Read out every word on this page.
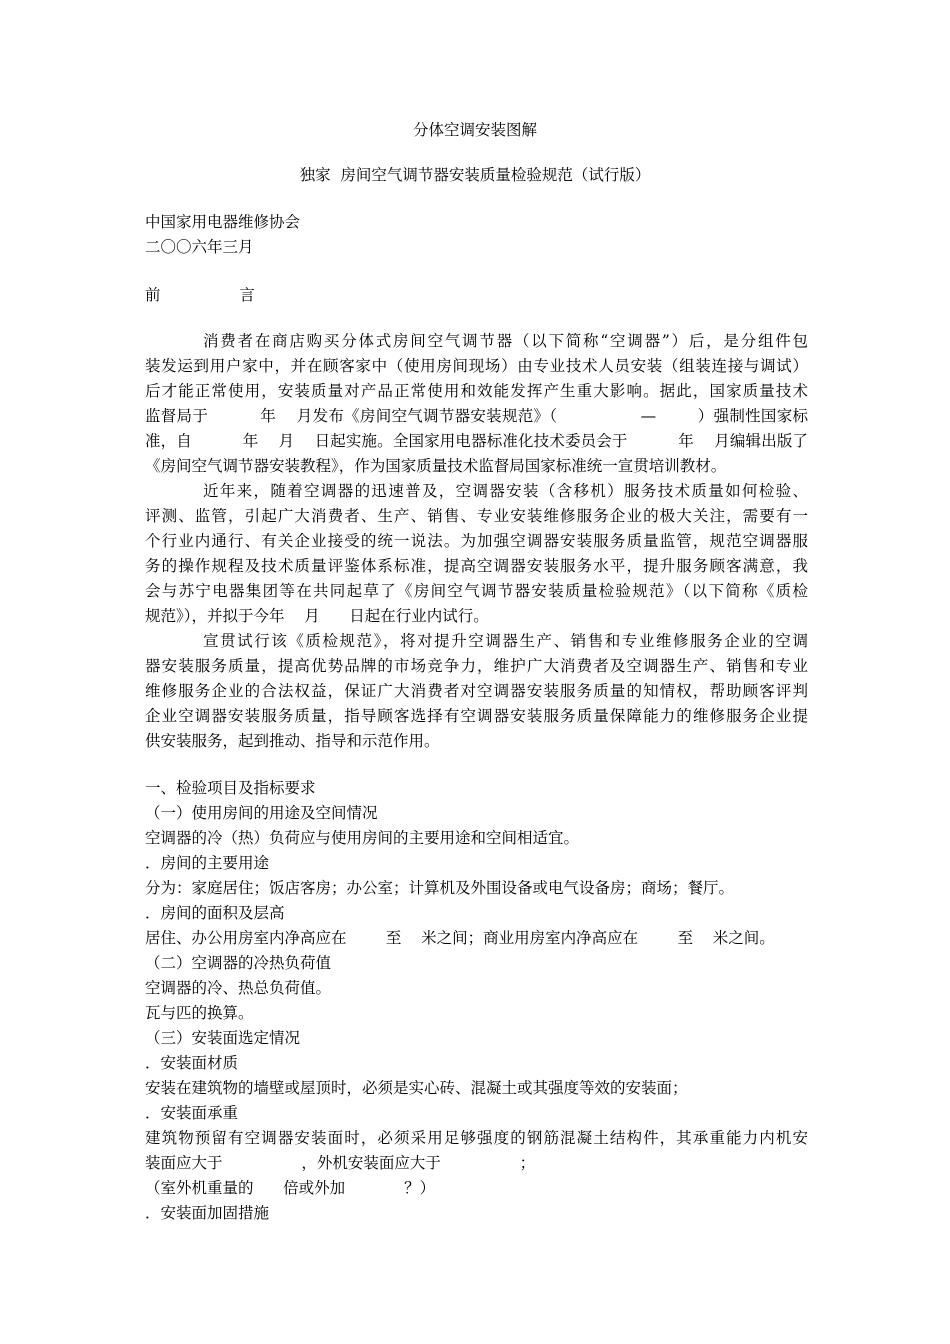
分体空调安装图解
独家  房间空气调节器安装质量检验规范（试行版）
中国家用电器维修协会
二〇〇六年三月
前                言
消费者在商店购买分体式房间空气调节器（以下简称“空调器”）后，是分组件包
装发运到用户家中，并在顾客家中（使用房间现场）由专业技术人员安装（组装连接与调试）
后才能正常使用，安装质量对产品正常使用和效能发挥产生重大影响。据此，国家质量技术
监督局于          年    月发布《房间空气调节器安装规范》（                —        ）强制性国家标
准，自          年    月    日起实施。全国家用电器标准化技术委员会于          年    月编辑出版了
《房间空气调节器安装教程》，作为国家质量技术监督局国家标准统一宣贯培训教材。
近年来，随着空调器的迅速普及，空调器安装（含移机）服务技术质量如何检验、
评测、监管，引起广大消费者、生产、销售、专业安装维修服务企业的极大关注，需要有一
个行业内通行、有关企业接受的统一说法。为加强空调器安装服务质量监管，规范空调器服
务的操作规程及技术质量评鉴体系标准，提高空调器安装服务水平，提升服务顾客满意，我
会与苏宁电器集团等在共同起草了《房间空气调节器安装质量检验规范》（以下简称《质检
规范》），并拟于今年    月      日起在行业内试行。
宣贯试行该《质检规范》，将对提升空调器生产、销售和专业维修服务企业的空调
器安装服务质量，提高优势品牌的市场竞争力，维护广大消费者及空调器生产、销售和专业
维修服务企业的合法权益，保证广大消费者对空调器安装服务质量的知情权，帮助顾客评判
企业空调器安装服务质量，指导顾客选择有空调器安装服务质量保障能力的维修服务企业提
供安装服务，起到推动、指导和示范作用。
一、检验项目及指标要求
（一）使用房间的用途及空间情况
空调器的冷（热）负荷应与使用房间的主要用途和空间相适宜。
．房间的主要用途
分为：家庭居住；饭店客房；办公室；计算机及外围设备或电气设备房；商场；餐厅。
．房间的面积及层高
居住、办公用房室内净高应在        至    米之间；商业用房室内净高应在        至    米之间。
（二）空调器的冷热负荷值
空调器的冷、热总负荷值。
瓦与匹的换算。
（三）安装面选定情况
．安装面材质
安装在建筑物的墙壁或屋顶时，必须是实心砖、混凝土或其强度等效的安装面；
．安装面承重
建筑物预留有空调器安装面时，必须采用足够强度的钢筋混凝土结构件，其承重能力内机安
装面应大于                ，外机安装面应大于                ；
（室外机重量的      倍或外加            ？）
．安装面加固措施
